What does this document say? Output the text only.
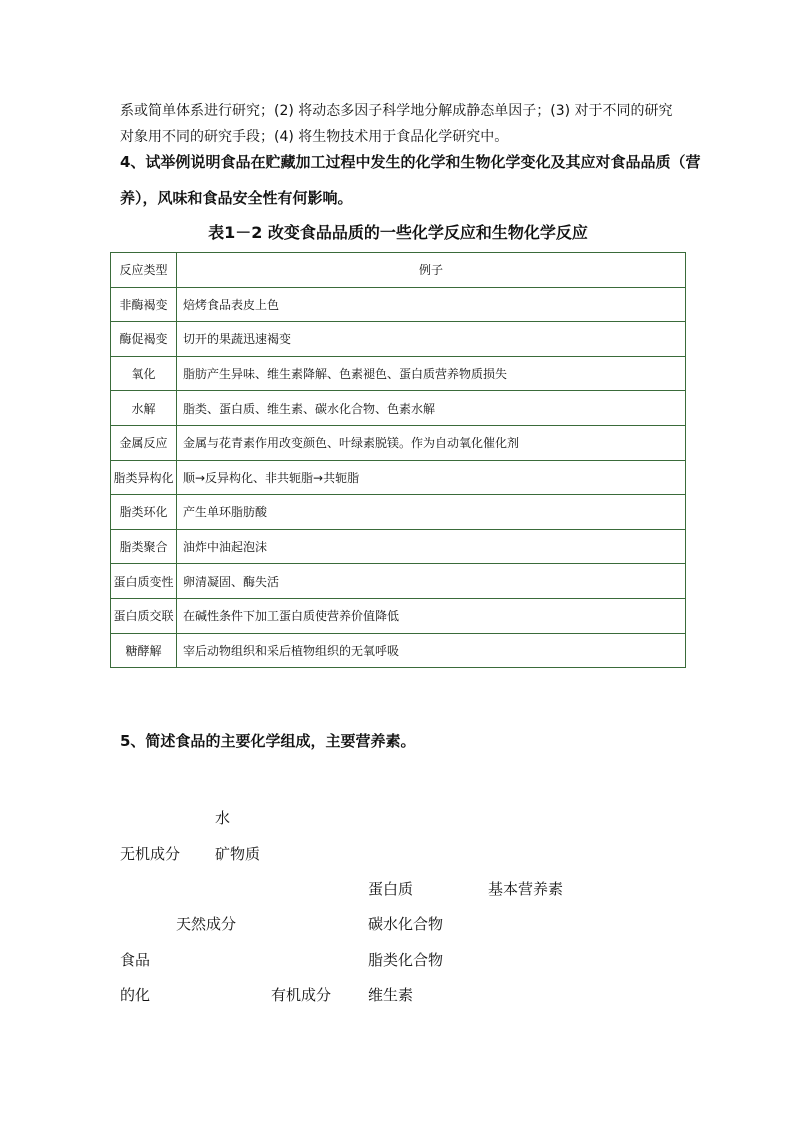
系或简单体系进行研究；(2) 将动态多因子科学地分解成静态单因子；(3) 对于不同的研究
对象用不同的研究手段；(4) 将生物技术用于食品化学研究中。

4、试举例说明食品在贮藏加工过程中发生的化学和生物化学变化及其应对食品品质（营
养），风味和食品安全性有何影响。

表1－2 改变食品品质的一些化学反应和生物化学反应

反应类型	例子
非酶褐变	焙烤食品表皮上色
酶促褐变	切开的果蔬迅速褐变
氧化	脂肪产生异味、维生素降解、色素褪色、蛋白质营养物质损失
水解	脂类、蛋白质、维生素、碳水化合物、色素水解
金属反应	金属与花青素作用改变颜色、叶绿素脱镁。作为自动氧化催化剂
脂类异构化	顺→反异构化、非共轭脂→共轭脂
脂类环化	产生单环脂肪酸
脂类聚合	油炸中油起泡沫
蛋白质变性	卵清凝固、酶失活
蛋白质交联	在碱性条件下加工蛋白质使营养价值降低
糖酵解	宰后动物组织和采后植物组织的无氧呼吸

5、简述食品的主要化学组成，主要营养素。

水
无机成分 矿物质
蛋白质	基本营养素
天然成分	碳水化合物
食品	脂类化合物
的化	有机成分 维生素
